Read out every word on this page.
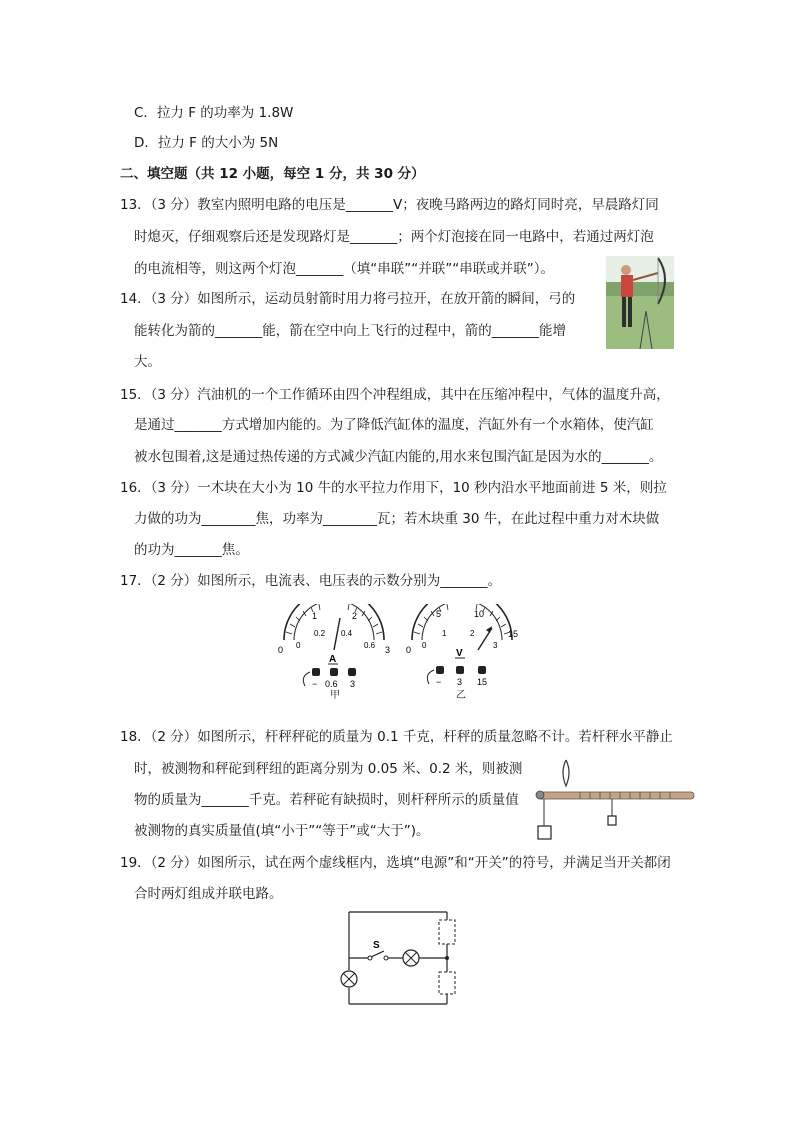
C．拉力 F 的功率为 1.8W
D．拉力 F 的大小为 5N
二、填空题（共 12 小题，每空 1 分，共 30 分）
13．（3 分）教室内照明电路的电压是_______V；夜晚马路两边的路灯同时亮，早晨路灯同
时熄灭，仔细观察后还是发现路灯是_______；两个灯泡接在同一电路中，若通过两灯泡
的电流相等，则这两个灯泡_______（填“串联”“并联”“串联或并联”）。
14．（3 分）如图所示，运动员射箭时用力将弓拉开，在放开箭的瞬间，弓的
能转化为箭的_______能，箭在空中向上飞行的过程中，箭的_______能增
大。
15．（3 分）汽油机的一个工作循环由四个冲程组成，其中在压缩冲程中，气体的温度升高，
是通过_______方式增加内能的。为了降低汽缸体的温度，汽缸外有一个水箱体，使汽缸
被水包围着,这是通过热传递的方式减少汽缸内能的,用水来包围汽缸是因为水的_______。
16．（3 分）一木块在大小为 10 牛的水平拉力作用下，10 秒内沿水平地面前进 5 米，则拉
力做的功为________焦，功率为________瓦；若木块重 30 牛，在此过程中重力对木块做
的功为_______焦。
17．（2 分）如图所示，电流表、电压表的示数分别为_______。
0
1	2
3
0
0.2 0.4
0.6
A
− 0.6 3
0
5	10
15
0
1	2
3
V
− 3 15
甲	乙
18．（2 分）如图所示，杆秤秤砣的质量为 0.1 千克，杆秤的质量忽略不计。若杆秤水平静止
时，被测物和秤砣到秤纽的距离分别为 0.05 米、0.2 米，则被测
物的质量为_______千克。若秤砣有缺损时，则杆秤所示的质量值
被测物的真实质量值(填“小于”“等于”或“大于”)。
19．（2 分）如图所示，试在两个虚线框内，选填“电源”和“开关”的符号，并满足当开关都闭
合时两灯组成并联电路。
S
